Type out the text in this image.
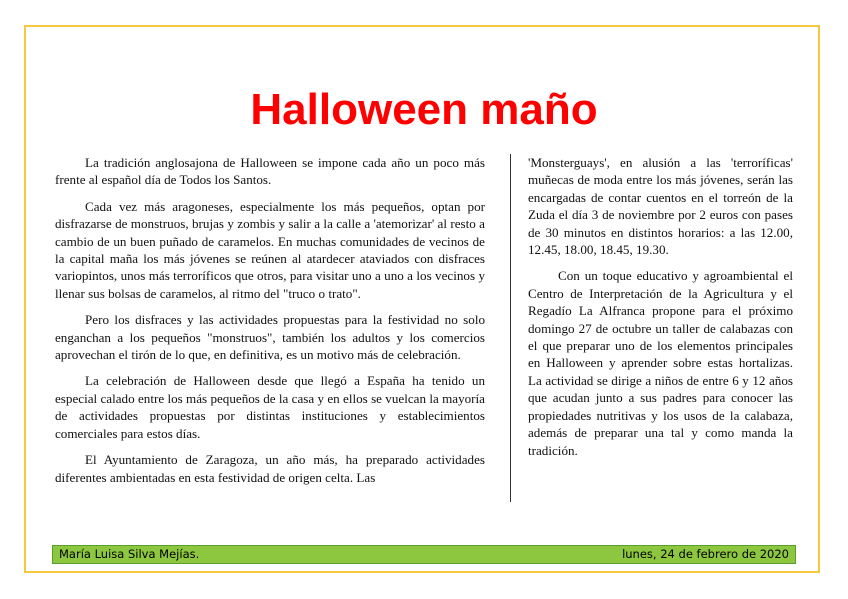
Halloween maño

La tradición anglosajona de Halloween se impone cada año un poco más frente al español día de Todos los Santos.

Cada vez más aragoneses, especialmente los más pequeños, optan por disfrazarse de monstruos, brujas y zombis y salir a la calle a 'atemorizar' al resto a cambio de un buen puñado de caramelos. En muchas comunidades de vecinos de la capital maña los más jóvenes se reúnen al atardecer ataviados con disfraces variopintos, unos más terroríficos que otros, para visitar uno a uno a los vecinos y llenar sus bolsas de caramelos, al ritmo del "truco o trato".

Pero los disfraces y las actividades propuestas para la festividad no solo enganchan a los pequeños "monstruos", también los adultos y los comercios aprovechan el tirón de lo que, en definitiva, es un motivo más de celebración.

La celebración de Halloween desde que llegó a España ha tenido un especial calado entre los más pequeños de la casa y en ellos se vuelcan la mayoría de actividades propuestas por distintas instituciones y establecimientos comerciales para estos días.

El Ayuntamiento de Zaragoza, un año más, ha preparado actividades diferentes ambientadas en esta festividad de origen celta. Las

'Monsterguays', en alusión a las 'terroríficas' muñecas de moda entre los más jóvenes, serán las encargadas de contar cuentos en el torreón de la Zuda el día 3 de noviembre por 2 euros con pases de 30 minutos en distintos horarios: a las 12.00, 12.45, 18.00, 18.45, 19.30.

Con un toque educativo y agroambiental el Centro de Interpretación de la Agricultura y el Regadío La Alfranca propone para el próximo domingo 27 de octubre un taller de calabazas con el que preparar uno de los elementos principales en Halloween y aprender sobre estas hortalizas. La actividad se dirige a niños de entre 6 y 12 años que acudan junto a sus padres para conocer las propiedades nutritivas y los usos de la calabaza, además de preparar una tal y como manda la tradición.

María Luisa Silva Mejías.	lunes, 24 de febrero de 2020
